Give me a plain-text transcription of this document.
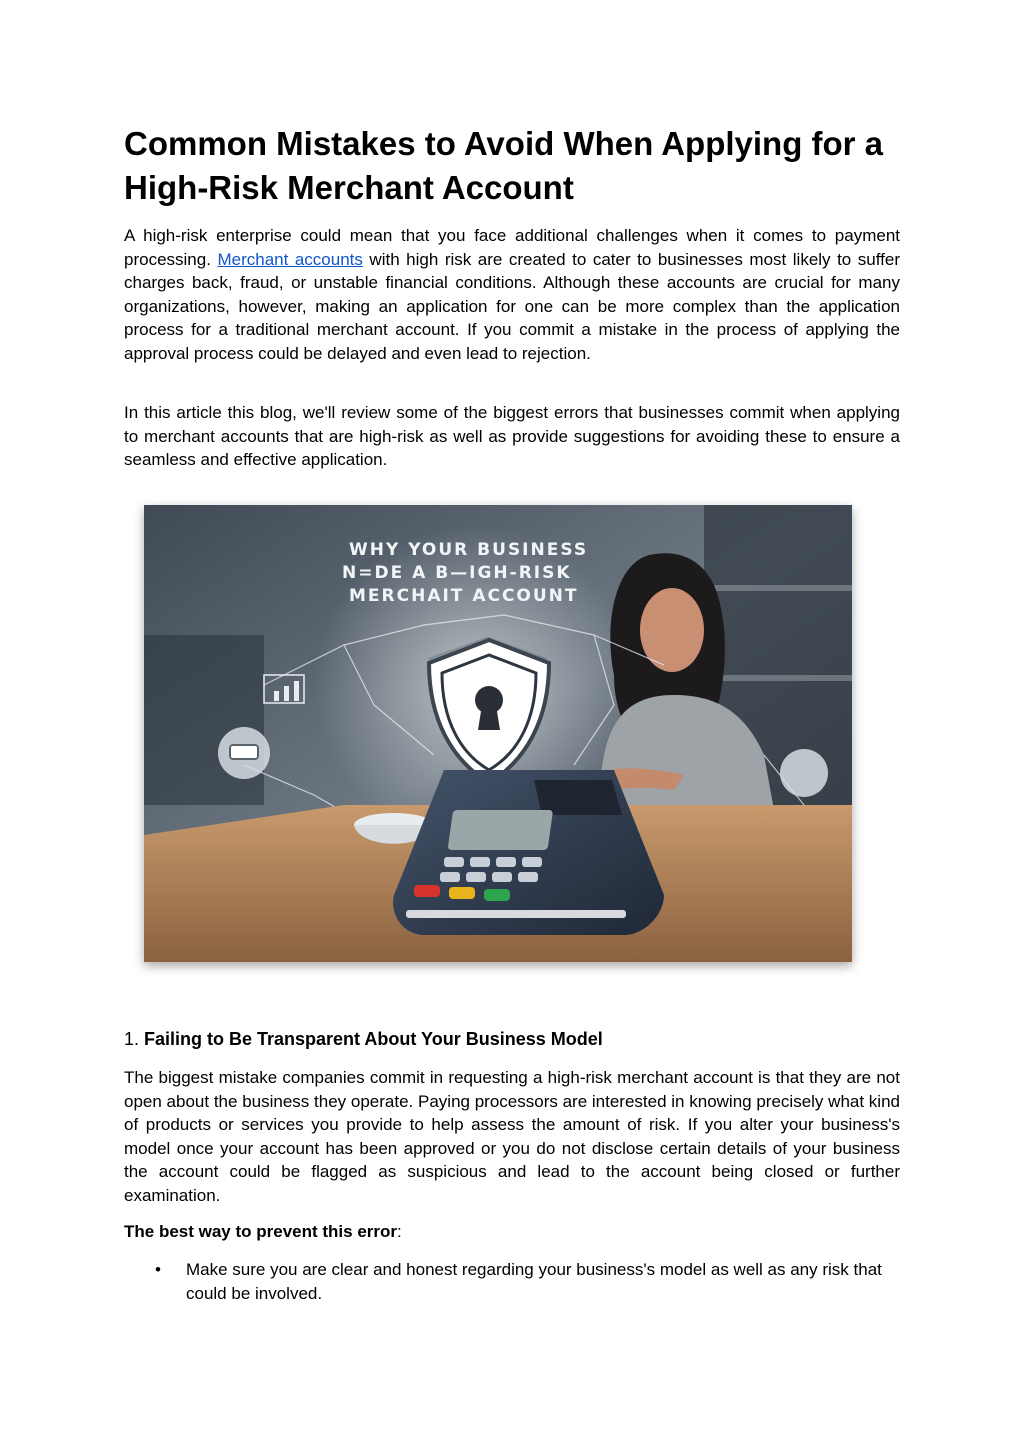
Common Mistakes to Avoid When Applying for a High-Risk Merchant Account

A high-risk enterprise could mean that you face additional challenges when it comes to payment processing. Merchant accounts with high risk are created to cater to businesses most likely to suffer charges back, fraud, or unstable financial conditions. Although these accounts are crucial for many organizations, however, making an application for one can be more complex than the application process for a traditional merchant account. If you commit a mistake in the process of applying the approval process could be delayed and even lead to rejection.

In this article this blog, we'll review some of the biggest errors that businesses commit when applying to merchant accounts that are high-risk as well as provide suggestions for avoiding these to ensure a seamless and effective application.

WHY YOUR BUSINESS
N=DE A B—IGH-RISK
MERCHAIT ACCOUNT
1. Failing to Be Transparent About Your Business Model

The biggest mistake companies commit in requesting a high-risk merchant account is that they are not open about the business they operate. Paying processors are interested in knowing precisely what kind of products or services you provide to help assess the amount of risk. If you alter your business's model once your account has been approved or you do not disclose certain details of your business the account could be flagged as suspicious and lead to the account being closed or further examination.

The best way to prevent this error:
• Make sure you are clear and honest regarding your business's model as well as any risk that could be involved.
